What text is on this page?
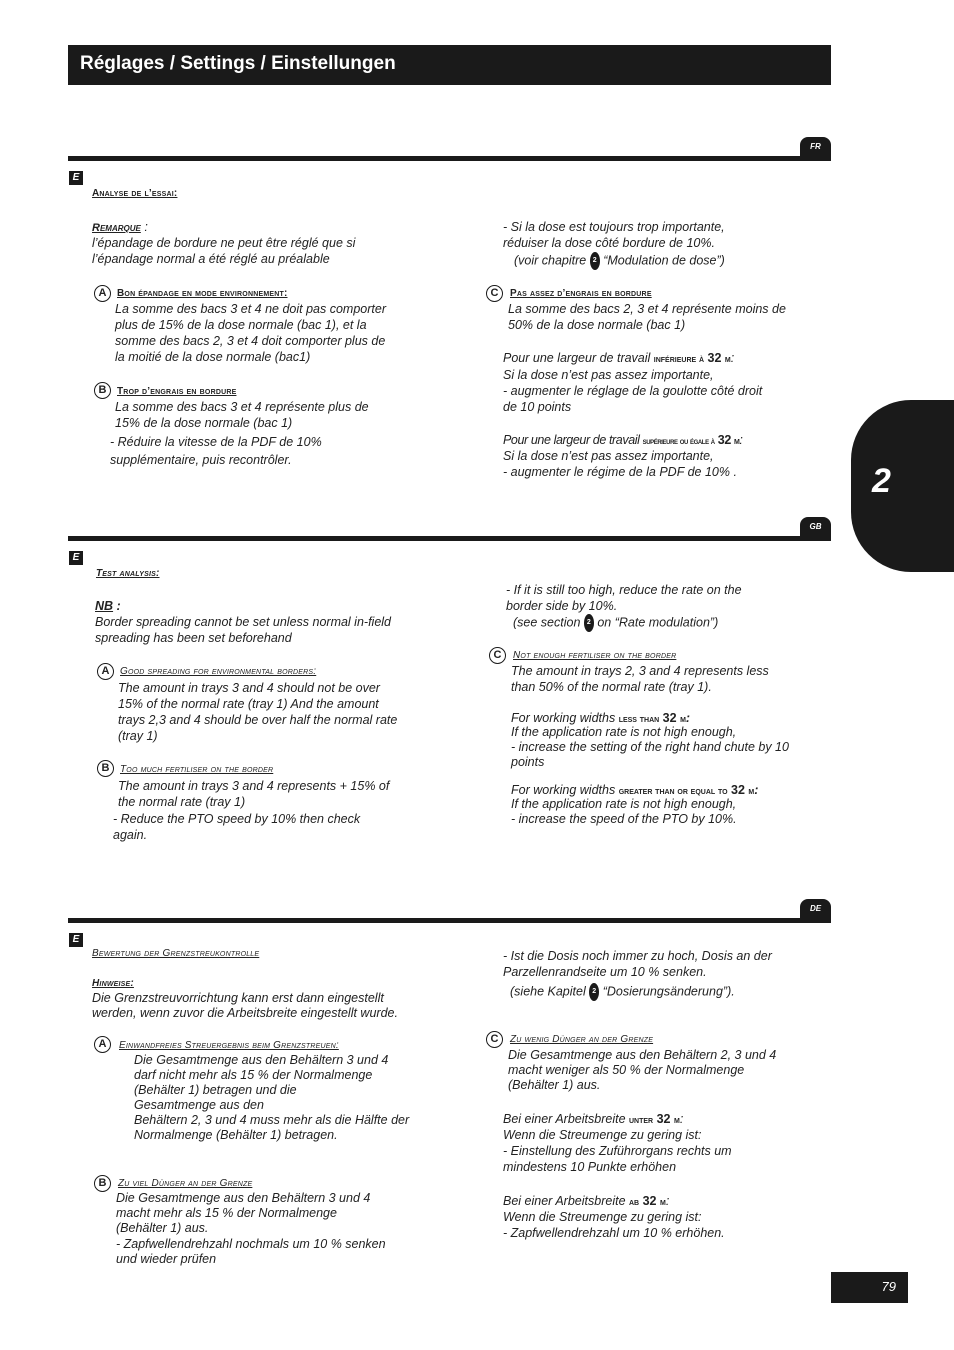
Réglages / Settings / Einstellungen
2
FR
E
Analyse de l’essai:
Remarque :
l’épandage de bordure ne peut être réglé que si
l’épandage normal a été réglé au préalable
A	Bon épandage en mode environnement:
La somme des bacs 3 et 4 ne doit pas comporter
plus de 15% de la dose normale (bac 1), et la
somme des bacs 2, 3 et 4 doit comporter plus de
la moitié de la dose normale (bac1)
B	Trop d’engrais en bordure
La somme des bacs 3 et 4 représente plus de
15% de la dose normale (bac 1)
- Réduire la vitesse de la PDF de 10%
supplémentaire, puis recontrôler.
- Si la dose est toujours trop importante,
réduiser la dose côté bordure de 10%.
(voir chapitre 2 “Modulation de dose”)
C	Pas assez d’engrais en bordure
La somme des bacs 2, 3 et 4 représente moins de
50% de la dose normale (bac 1)
Pour une largeur de travail inférieure à 32 m:
Si la dose n’est pas assez importante,
- augmenter le réglage de la goulotte côté droit
de 10 points
Pour une largeur de travail supérieure ou égale à 32 m:
Si la dose n’est pas assez importante,
- augmenter le régime de la PDF de 10% .
GB
E
Test analysis:
NB :
Border spreading cannot be set unless normal in-field
spreading has been set beforehand
A	Good spreading for environmental borders:
The amount in trays 3 and 4 should not be over
15% of the normal rate (tray 1) And the amount
trays 2,3 and 4 should be over half the normal rate
(tray 1)
B	Too much fertiliser on the border
The amount in trays 3 and 4 represents + 15% of
the normal rate (tray 1)
- Reduce the PTO speed by 10% then check
again.
- If it is still too high, reduce the rate on the
border side by 10%.
(see section 2 on “Rate modulation”)
C	Not enough fertiliser on the border
The amount in trays 2, 3 and 4 represents less
than 50% of the normal rate (tray 1).
For working widths less than 32 m:
If the application rate is not high enough,
- increase the setting of the right hand chute by 10
points
For working widths greater than or equal to 32 m:
If the application rate is not high enough,
- increase the speed of the PTO by 10%.
DE
E
Bewertung der Grenzstreukontrolle
Hinweise:
Die Grenzstreuvorrichtung kann erst dann eingestellt
werden, wenn zuvor die Arbeitsbreite eingestellt wurde.
A	Einwandfreies Streuergebnis beim Grenzstreuen:
Die Gesamtmenge aus den Behältern 3 und 4
darf nicht mehr als 15 % der Normalmenge
(Behälter 1) betragen und die
Gesamtmenge aus den
Behältern 2, 3 und 4 muss mehr als die Hälfte der
Normalmenge (Behälter 1) betragen.
B	Zu viel Dünger an der Grenze
Die Gesamtmenge aus den Behältern 3 und 4
macht mehr als 15 % der Normalmenge
(Behälter 1) aus.
- Zapfwellendrehzahl nochmals um 10 % senken
und wieder prüfen
- Ist die Dosis noch immer zu hoch, Dosis an der
Parzellenrandseite um 10 % senken.
(siehe Kapitel 2 “Dosierungsänderung”).
C	Zu wenig Dünger an der Grenze
Die Gesamtmenge aus den Behältern 2, 3 und 4
macht weniger als 50 % der Normalmenge
(Behälter 1) aus.
Bei einer Arbeitsbreite unter 32 m:
Wenn die Streumenge zu gering ist:
- Einstellung des Zuführorgans rechts um
mindestens 10 Punkte erhöhen
Bei einer Arbeitsbreite ab 32 m:
Wenn die Streumenge zu gering ist:
- Zapfwellendrehzahl um 10 % erhöhen.
79
